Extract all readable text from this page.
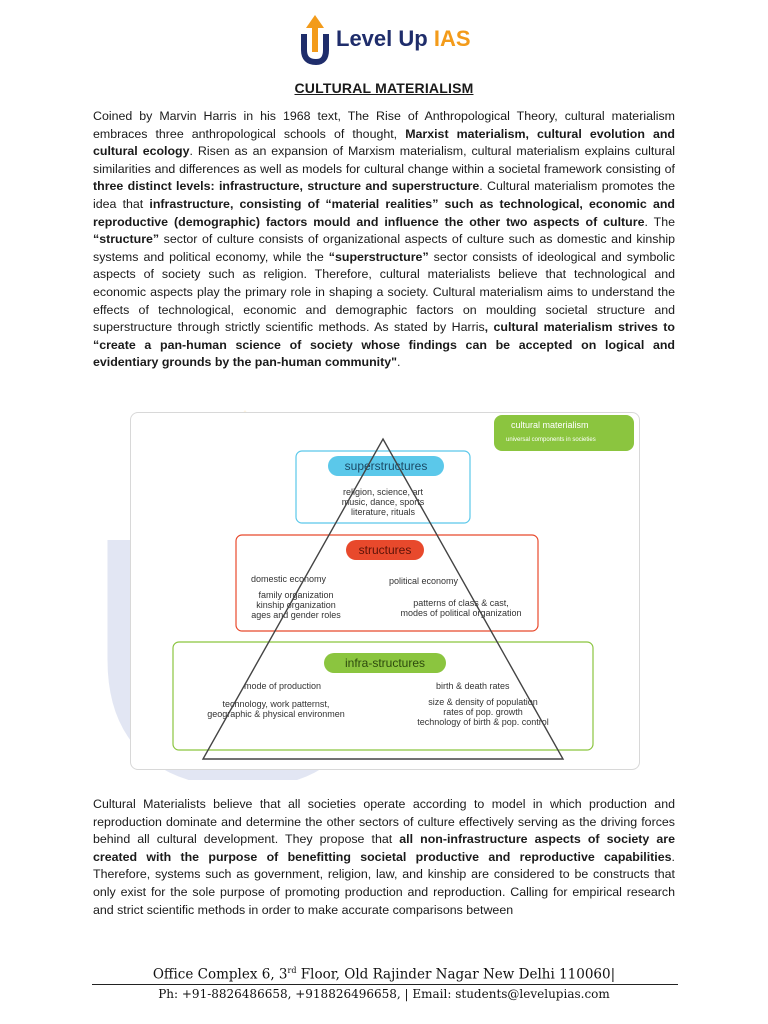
Level Up IAS
CULTURAL MATERIALISM
Coined by Marvin Harris in his 1968 text, The Rise of Anthropological Theory, cultural materialism embraces three anthropological schools of thought, Marxist materialism, cultural evolution and cultural ecology. Risen as an expansion of Marxism materialism, cultural materialism explains cultural similarities and differences as well as models for cultural change within a societal framework consisting of three distinct levels: infrastructure, structure and superstructure. Cultural materialism promotes the idea that infrastructure, consisting of “material realities” such as technological, economic and reproductive (demographic) factors mould and influence the other two aspects of culture. The “structure” sector of culture consists of organizational aspects of culture such as domestic and kinship systems and political economy, while the “superstructure” sector consists of ideological and symbolic aspects of society such as religion. Therefore, cultural materialists believe that technological and economic aspects play the primary role in shaping a society. Cultural materialism aims to understand the effects of technological, economic and demographic factors on moulding societal structure and superstructure through strictly scientific methods. As stated by Harris, cultural materialism strives to “create a pan-human science of society whose findings can be accepted on logical and evidentiary grounds by the pan-human community".
cultural materialism
universal components in societies
superstructures
religion, science, art
music, dance, sports
literature, rituals
structures
domestic economy
family organization
kinship organization
ages and gender roles
political economy
patterns of class & cast,
modes of political organization
infra-structures
mode of production
technology, work patternst,
geographic & physical environmen
birth & death rates
size & density of population
rates of pop. growth
technology of birth & pop. control
Cultural Materialists believe that all societies operate according to model in which production and reproduction dominate and determine the other sectors of culture effectively serving as the driving forces behind all cultural development. They propose that all non-infrastructure aspects of society are created with the purpose of benefitting societal productive and reproductive capabilities. Therefore, systems such as government, religion, law, and kinship are considered to be constructs that only exist for the sole purpose of promoting production and reproduction. Calling for empirical research and strict scientific methods in order to make accurate comparisons between
Office Complex 6, 3rd Floor, Old Rajinder Nagar New Delhi 110060|
Ph: +91-8826486658, +918826496658, | Email: students@levelupias.com
